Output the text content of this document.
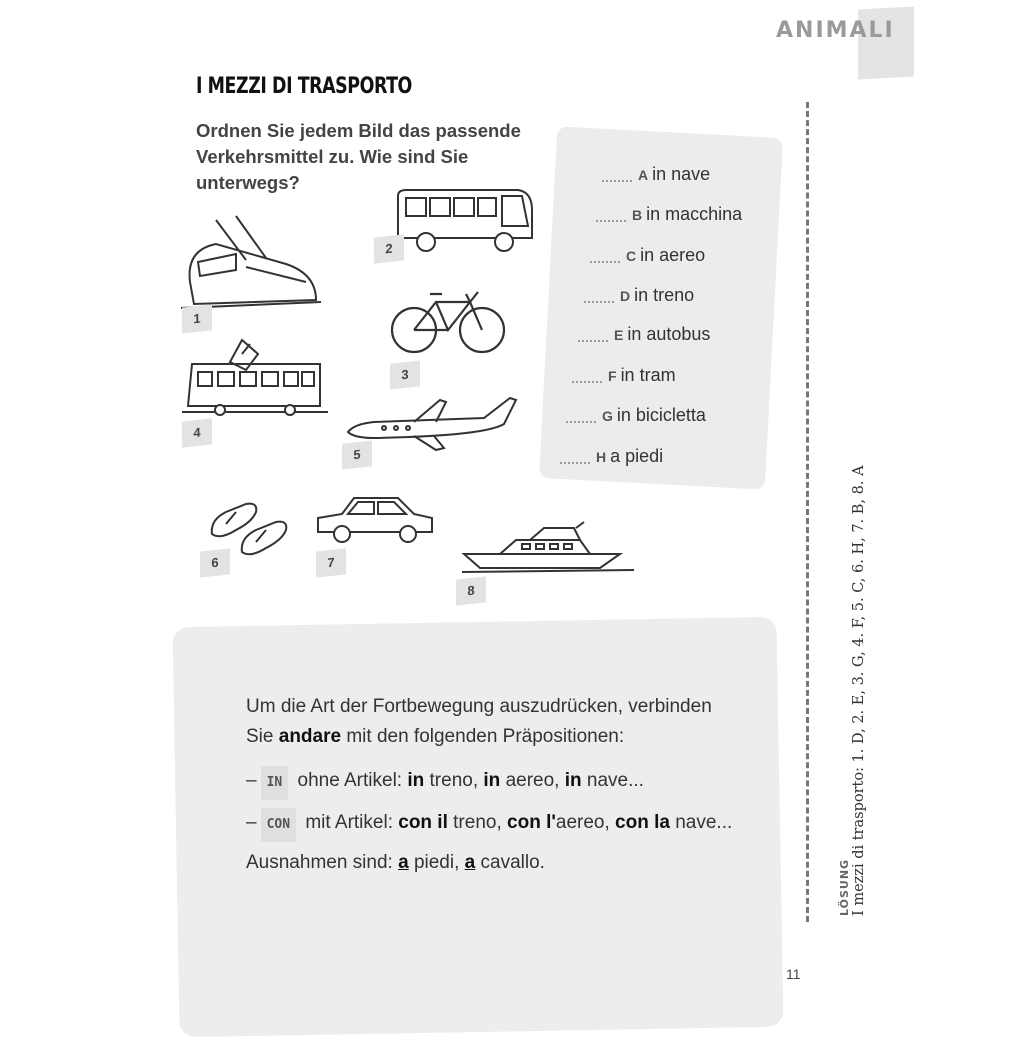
ANIMALI
I MEZZI DI TRASPORTO
Ordnen Sie jedem Bild das passende Verkehrsmittel zu. Wie sind Sie unterwegs?
1
2
3
4
5
6	7
8
A in nave
B in macchina
C in aereo
D in treno
E in autobus
F in tram
G in bicicletta
H a piedi
Um die Art der Fortbewegung auszudrücken, verbinden
Sie andare mit den folgenden Präpositionen:
– IN ohne Artikel: in treno, in aereo, in nave...
– CON mit Artikel: con il treno, con l'aereo, con la nave...
Ausnahmen sind: a piedi, a cavallo.	LÖSUNG I mezzi di trasporto: 1. D, 2. E, 3. G, 4. F, 5. C, 6. H, 7. B, 8. A
11
